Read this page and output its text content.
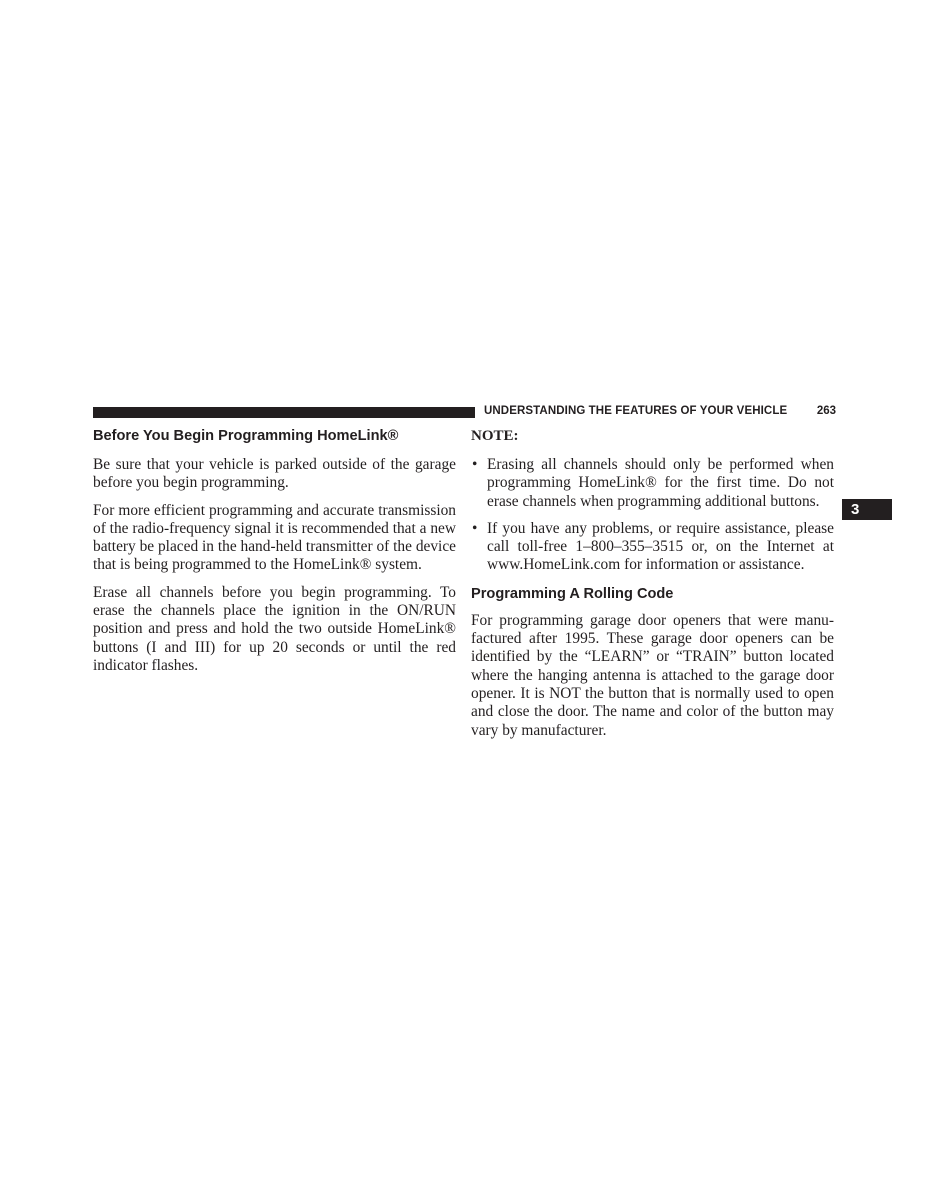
UNDERSTANDING THE FEATURES OF YOUR VEHICLE	263
3
Before You Begin Programming HomeLink®

Be sure that your vehicle is parked outside of the garage before you begin programming.

For more efficient programming and accurate transmission of the radio-frequency signal it is recommended that a new battery be placed in the hand-held transmitter of the device that is being programmed to the HomeLink® system.

Erase all channels before you begin programming. To erase the channels place the ignition in the ON/RUN position and press and hold the two outside HomeLink® buttons (I and III) for up 20 seconds or until the red indicator flashes.

NOTE:
• Erasing all channels should only be performed when programming HomeLink® for the first time. Do not erase channels when programming additional buttons.
• If you have any problems, or require assistance, please call toll-free 1–800–355–3515 or, on the Internet at www.HomeLink.com for information or assistance.
Programming A Rolling Code

For programming garage door openers that were manufactured after 1995. These garage door openers can be identified by the “LEARN” or “TRAIN” button located where the hanging antenna is attached to the garage door opener. It is NOT the button that is normally used to open and close the door. The name and color of the button may vary by manufacturer.
